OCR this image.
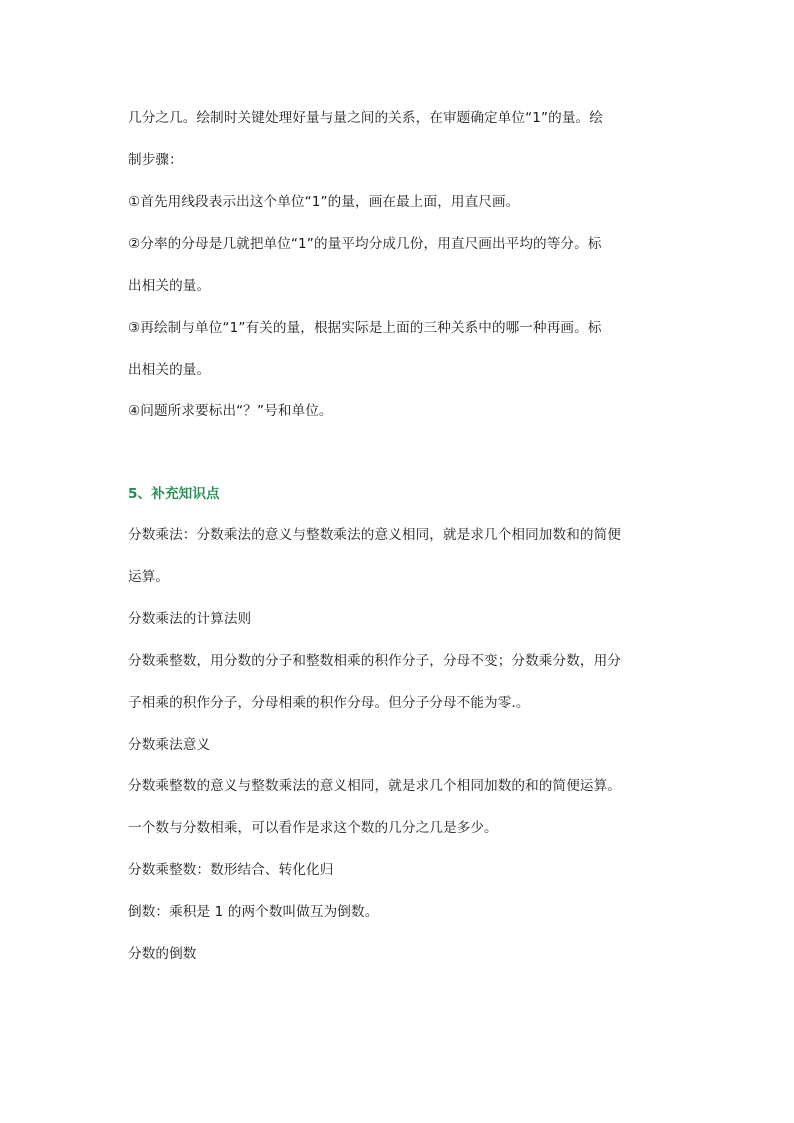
几分之几。绘制时关键处理好量与量之间的关系，在审题确定单位“1”的量。绘
制步骤：
①首先用线段表示出这个单位“1”的量，画在最上面，用直尺画。
②分率的分母是几就把单位“1”的量平均分成几份，用直尺画出平均的等分。标
出相关的量。
③再绘制与单位“1”有关的量，根据实际是上面的三种关系中的哪一种再画。标
出相关的量。
④问题所求要标出“？”号和单位。
5、补充知识点
分数乘法：分数乘法的意义与整数乘法的意义相同，就是求几个相同加数和的简便
运算。
分数乘法的计算法则
分数乘整数，用分数的分子和整数相乘的积作分子，分母不变；分数乘分数，用分
子相乘的积作分子，分母相乘的积作分母。但分子分母不能为零.。
分数乘法意义
分数乘整数的意义与整数乘法的意义相同，就是求几个相同加数的和的简便运算。
一个数与分数相乘，可以看作是求这个数的几分之几是多少。
分数乘整数：数形结合、转化化归
倒数：乘积是 1 的两个数叫做互为倒数。
分数的倒数
